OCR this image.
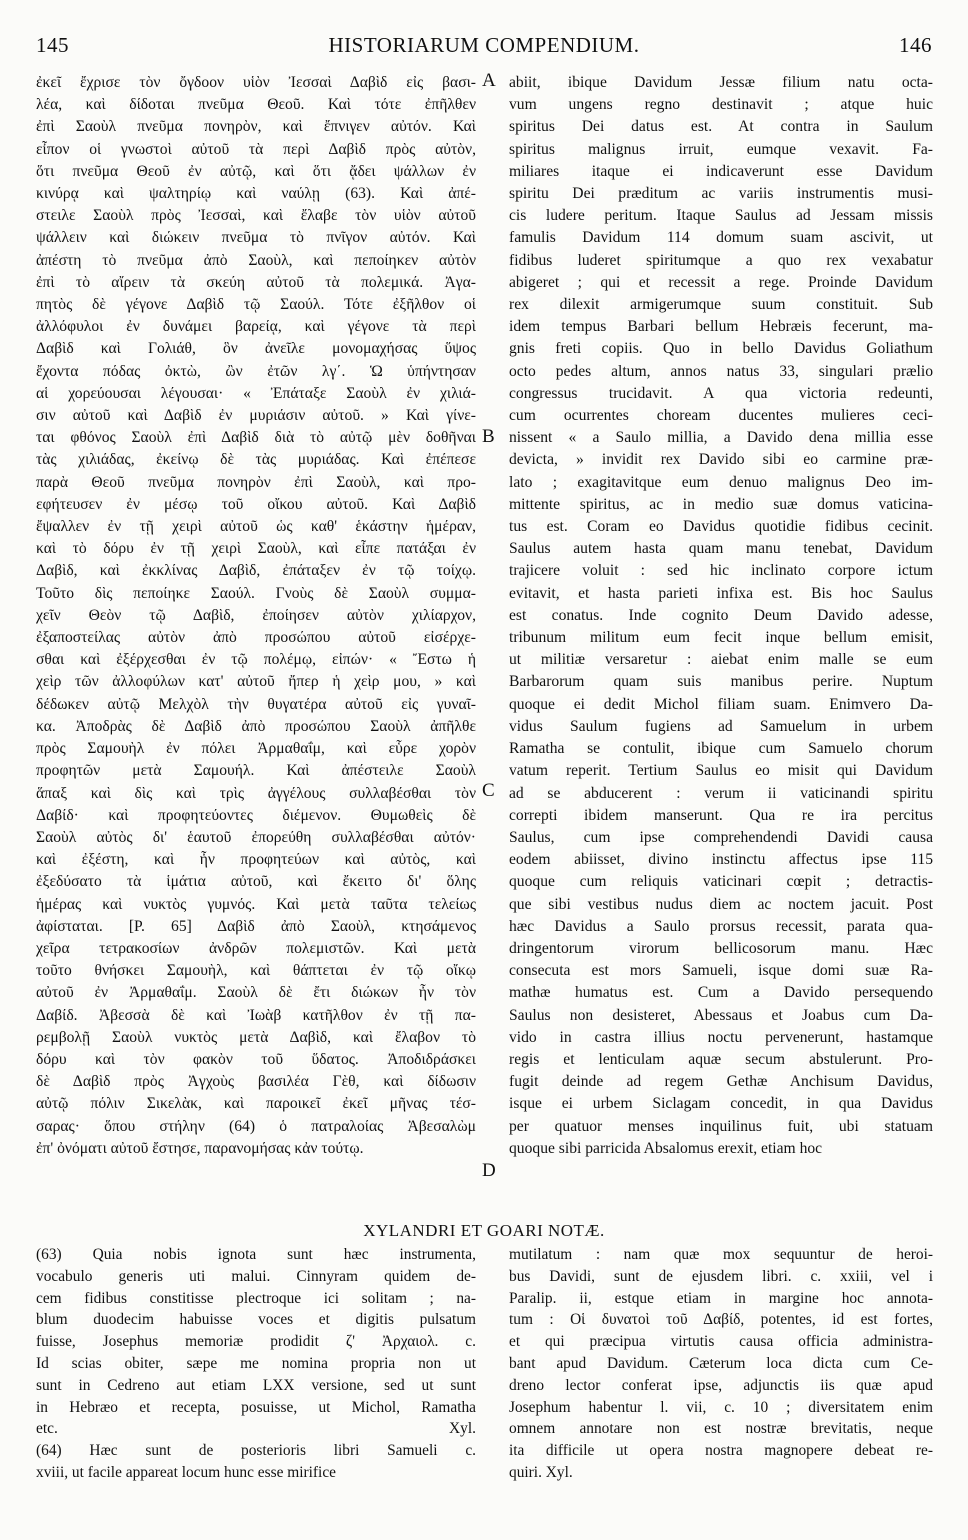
145	HISTORIARUM COMPENDIUM.	146
ἐκεῖ ἔχρισε τὸν ὄγδοον υἱὸν Ἰεσσαὶ Δαβὶδ εἰς βασι-
λέα, καὶ δίδοται πνεῦμα Θεοῦ. Καὶ τότε ἐπῆλθεν
ἐπὶ Σαοὺλ πνεῦμα πονηρὸν, καὶ ἔπνιγεν αὐτόν. Καὶ
εἶπον οἱ γνωστοὶ αὐτοῦ τὰ περὶ Δαβὶδ πρὸς αὐτὸν,
ὅτι πνεῦμα Θεοῦ ἐν αὐτῷ, καὶ ὅτι ᾄδει ψάλλων ἐν
κινύρᾳ καὶ ψαλτηρίῳ καὶ ναύλῃ (63). Καὶ ἀπέ-
στειλε Σαοὺλ πρὸς Ἰεσσαὶ, καὶ ἔλαβε τὸν υἱὸν αὐτοῦ
ψάλλειν καὶ διώκειν πνεῦμα τὸ πνῖγον αὐτόν. Καὶ
ἀπέστη τὸ πνεῦμα ἀπὸ Σαοὺλ, καὶ πεποίηκεν αὐτὸν
ἐπὶ τὸ αἴρειν τὰ σκεύη αὐτοῦ τὰ πολεμικά. Ἀγα-
πητὸς δὲ γέγονε Δαβὶδ τῷ Σαούλ. Τότε ἐξῆλθον οἱ
ἀλλόφυλοι ἐν δυνάμει βαρείᾳ, καὶ γέγονε τὰ περὶ
Δαβὶδ καὶ Γολιάθ, ὃν ἀνεῖλε μονομαχήσας ὕψος
ἔχοντα πόδας ὀκτὼ, ὢν ἐτῶν λγ΄. Ὡ ὑπήντησαν
αἱ χορεύουσαι λέγουσαι· « Ἐπάταξε Σαοὺλ ἐν χιλιά-
σιν αὐτοῦ καὶ Δαβὶδ ἐν μυριάσιν αὐτοῦ. » Καὶ γίνε-
ται φθόνος Σαοὺλ ἐπὶ Δαβὶδ διὰ τὸ αὐτῷ μὲν δοθῆναι
τὰς χιλιάδας, ἐκείνῳ δὲ τὰς μυριάδας. Καὶ ἐπέπεσε
παρὰ Θεοῦ πνεῦμα πονηρὸν ἐπὶ Σαοὺλ, καὶ προ-
εφήτευσεν ἐν μέσῳ τοῦ οἴκου αὐτοῦ. Καὶ Δαβὶδ
ἔψαλλεν ἐν τῇ χειρὶ αὐτοῦ ὡς καθ' ἑκάστην ἡμέραν,
καὶ τὸ δόρυ ἐν τῇ χειρὶ Σαοὺλ, καὶ εἶπε πατάξαι ἐν
Δαβὶδ, καὶ ἐκκλίνας Δαβὶδ, ἐπάταξεν ἐν τῷ τοίχῳ.
Τοῦτο δὶς πεποίηκε Σαούλ. Γνοὺς δὲ Σαοὺλ συμμα-
χεῖν Θεὸν τῷ Δαβὶδ, ἐποίησεν αὐτὸν χιλίαρχον,
ἐξαποστείλας αὐτὸν ἀπὸ προσώπου αὐτοῦ εἰσέρχε-
σθαι καὶ ἐξέρχεσθαι ἐν τῷ πολέμῳ, εἰπών· « Ἔστω ἡ
χεὶρ τῶν ἀλλοφύλων κατ' αὐτοῦ ἤπερ ἡ χεὶρ μου, » καὶ
δέδωκεν αὐτῷ Μελχὸλ τὴν θυγατέρα αὐτοῦ εἰς γυναῖ-
κα. Ἀποδρὰς δὲ Δαβὶδ ἀπὸ προσώπου Σαοὺλ ἀπῆλθε
πρὸς Σαμουὴλ ἐν πόλει Ἀρμαθαΐμ, καὶ εὗρε χορὸν
προφητῶν μετὰ Σαμουήλ. Καὶ ἀπέστειλε Σαοὺλ
ἅπαξ καὶ δὶς καὶ τρὶς ἀγγέλους συλλαβέσθαι τὸν
Δαβίδ· καὶ προφητεύοντες διέμενον. Θυμωθεὶς δὲ
Σαοὺλ αὐτὸς δι' ἑαυτοῦ ἐπορεύθη συλλαβέσθαι αὐτόν·
καὶ ἐξέστη, καὶ ἦν προφητεύων καὶ αὐτὸς, καὶ
ἐξεδύσατο τὰ ἱμάτια αὐτοῦ, καὶ ἔκειτο δι' ὅλης
ἡμέρας καὶ νυκτὸς γυμνός. Καὶ μετὰ ταῦτα τελείως
ἀφίσταται. [P. 65] Δαβὶδ ἀπὸ Σαοὺλ, κτησάμενος
χεῖρα τετρακοσίων ἀνδρῶν πολεμιστῶν. Καὶ μετὰ
τοῦτο θνήσκει Σαμουὴλ, καὶ θάπτεται ἐν τῷ οἴκῳ
αὐτοῦ ἐν Ἀρμαθαΐμ. Σαοὺλ δὲ ἔτι διώκων ἦν τὸν
Δαβίδ. Ἀβεσσὰ δὲ καὶ Ἰωὰβ κατῆλθον ἐν τῇ πα-
ρεμβολῇ Σαοὺλ νυκτὸς μετὰ Δαβὶδ, καὶ ἔλαβον τὸ
δόρυ καὶ τὸν φακὸν τοῦ ὕδατος. Ἀποδιδράσκει
δὲ Δαβὶδ πρὸς Ἀγχοὺς βασιλέα Γὲθ, καὶ δίδωσιν
αὐτῷ πόλιν Σικελὰκ, καὶ παροικεῖ ἐκεῖ μῆνας τέσ-
σαρας· ὅπου στήλην (64) ὁ πατραλοίας Ἀβεσαλὼμ
ἐπ' ὀνόματι αὐτοῦ ἔστησε, παρανομήσας κἀν τούτῳ.
abiit, ibique Davidum Jessæ filium natu octa-
vum ungens regno destinavit ; atque huic
spiritus Dei datus est. At contra in Saulum
spiritus malignus irruit, eumque vexavit. Fa-
miliares itaque ei indicaverunt esse Davidum
spiritu Dei præditum ac variis instrumentis musi-
cis ludere peritum. Itaque Saulus ad Jessam missis
famulis Davidum 114 domum suam ascivit, ut
fidibus luderet spiritumque a quo rex vexabatur
abigeret ; qui et recessit a rege. Proinde Davidum
rex dilexit armigerumque suum constituit. Sub
idem tempus Barbari bellum Hebræis fecerunt, ma-
gnis freti copiis. Quo in bello Davidus Goliathum
octo pedes altum, annos natus 33, singulari prælio
congressus trucidavit. A qua victoria redeunti,
cum ocurrentes choream ducentes mulieres ceci-
nissent « a Saulo millia, a Davido dena millia esse
devicta, » invidit rex Davido sibi eo carmine præ-
lato ; exagitavitque eum denuo malignus Deo im-
mittente spiritus, ac in medio suæ domus vaticina-
tus est. Coram eo Davidus quotidie fidibus cecinit.
Saulus autem hasta quam manu tenebat, Davidum
trajicere voluit : sed hic inclinato corpore ictum
evitavit, et hasta parieti infixa est. Bis hoc Saulus
est conatus. Inde cognito Deum Davido adesse,
tribunum militum eum fecit inque bellum emisit,
ut militiæ versaretur : aiebat enim malle se eum
Barbarorum quam suis manibus perire. Nuptum
quoque ei dedit Michol filiam suam. Enimvero Da-
vidus Saulum fugiens ad Samuelum in urbem
Ramatha se contulit, ibique cum Samuelo chorum
vatum reperit. Tertium Saulus eo misit qui Davidum
ad se abducerent : verum ii vaticinandi spiritu
correpti ibidem manserunt. Qua re ira percitus
Saulus, cum ipse comprehendendi Davidi causa
eodem abiisset, divino instinctu affectus ipse 115
quoque cum reliquis vaticinari cœpit ; detractis-
que sibi vestibus nudus diem ac noctem jacuit. Post
hæc Davidus a Saulo prorsus recessit, parata qua-
dringentorum virorum bellicosorum manu. Hæc
consecuta est mors Samueli, isque domi suæ Ra-
mathæ humatus est. Cum a Davido persequendo
Saulus non desisteret, Abessaus et Joabus cum Da-
vido in castra illius noctu pervenerunt, hastamque
regis et lenticulam aquæ secum abstulerunt. Pro-
fugit deinde ad regem Gethæ Anchisum Davidus,
isque ei urbem Siclagam concedit, in qua Davidus
per quatuor menses inquilinus fuit, ubi statuam
quoque sibi parricida Absalomus erexit, etiam hoc
A
B
C
D
XYLANDRI ET GOARI NOTÆ.
(63) Quia nobis ignota sunt hæc instrumenta,
vocabulo generis uti malui. Cinnyram quidem de-
cem fidibus constitisse plectroque ici solitam ; na-
blum duodecim habuisse voces et digitis pulsatum
fuisse, Josephus memoriæ prodidit ζ' Ἀρχαιολ. c.
Id scias obiter, sæpe me nomina propria non ut
sunt in Cedreno aut etiam LXX versione, sed ut sunt
in Hebræo et recepta, posuisse, ut Michol, Ramatha
etc. Xyl.
(64) Hæc sunt de posterioris libri Samueli c.
xviii, ut facile appareat locum hunc esse mirifice
mutilatum : nam quæ mox sequuntur de heroi-
bus Davidi, sunt de ejusdem libri. c. xxiii, vel i
Paralip. ii, estque etiam in margine hoc annota-
tum : Οἱ δυνατοὶ τοῦ Δαβίδ, potentes, id est fortes,
et qui præcipua virtutis causa officia administra-
bant apud Davidum. Cæterum loca dicta cum Ce-
dreno lector conferat ipse, adjunctis iis quæ apud
Josephum habentur l. vii, c. 10 ; diversitatem enim
omnem annotare non est nostræ brevitatis, neque
ita difficile ut opera nostra magnopere debeat re-
quiri. Xyl.
